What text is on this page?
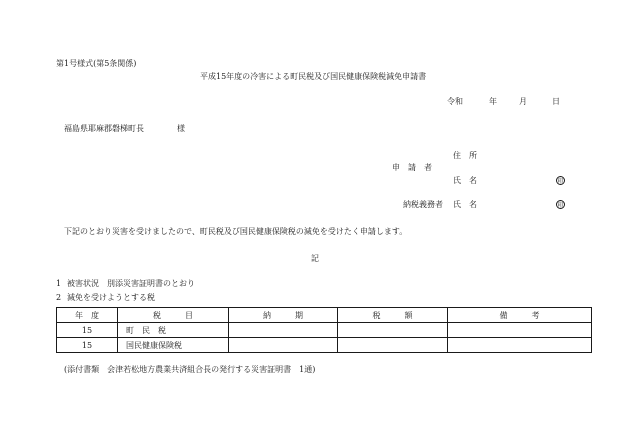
第1号様式(第5条関係)
平成15年度の冷害による町民税及び国民健康保険税減免申請書
令和	年	月	日
福島県耶麻郡磐梯町長	様
住　所
申　請　者
氏　名	印
納税義務者 氏　名	印
下記のとおり災害を受けましたので、町民税及び国民健康保険税の減免を受けたく申請します。
記
1 被害状況　別添災害証明書のとおり
2 減免を受けようとする税
年　度	税　　　目	納　　　期	税　　　額	備　　　考
15	町　民　税			
15	国民健康保険税			
(添付書類　会津若松地方農業共済組合長の発行する災害証明書　1通)
